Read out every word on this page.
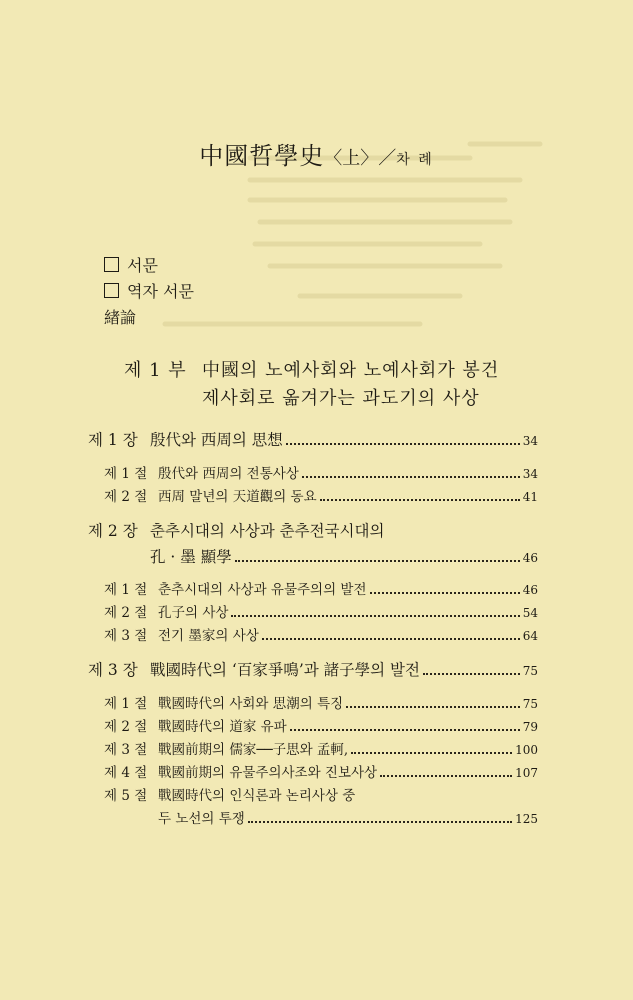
中國哲學史〈上〉／차 례
서문
역자 서문
緖論
제 1 부 中國의 노예사회와 노예사회가 봉건
제사회로 옮겨가는 과도기의 사상
제 1 장 殷代와 西周의 思想	34
제 1 절 殷代와 西周의 전통사상	34
제 2 절 西周 말년의 天道觀의 동요	41
제 2 장 춘추시대의 사상과 춘추전국시대의
孔 · 墨 顯學	46
제 1 절 춘추시대의 사상과 유물주의의 발전	46
제 2 절 孔子의 사상	54
제 3 절 전기 墨家의 사상	64
제 3 장 戰國時代의 ‘百家爭鳴’과 諸子學의 발전	75
제 1 절 戰國時代의 사회와 思潮의 특징	75
제 2 절 戰國時代의 道家 유파	79
제 3 절 戰國前期의 儒家──子思와 孟軻,	100
제 4 절 戰國前期의 유물주의사조와 진보사상	107
제 5 절 戰國時代의 인식론과 논리사상 중
두 노선의 투쟁	125
